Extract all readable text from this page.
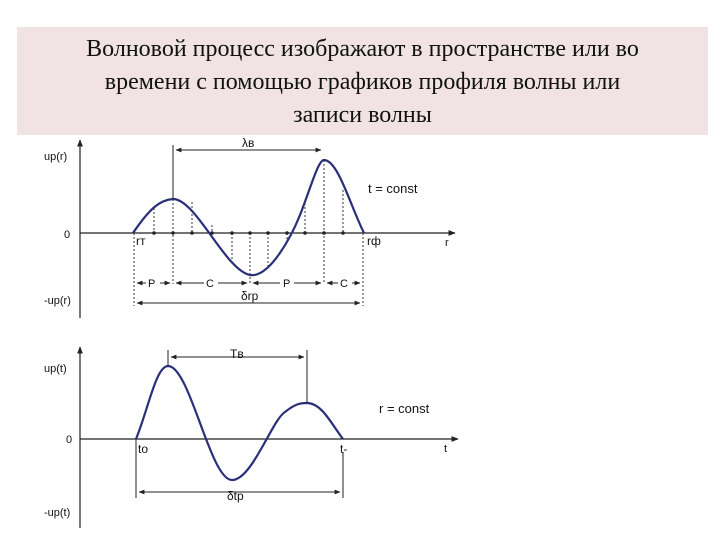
Волновой процесс изображают в пространстве или во
времени с помощью графиков профиля волны или
записи волны
uр(r)
0
-uр(r)
r
t = const
λв
rт	rф
P	C	P	C
δrр
uр(t)
0
-uр(t)
t
r = const
Tв
tо	t-
δtр
